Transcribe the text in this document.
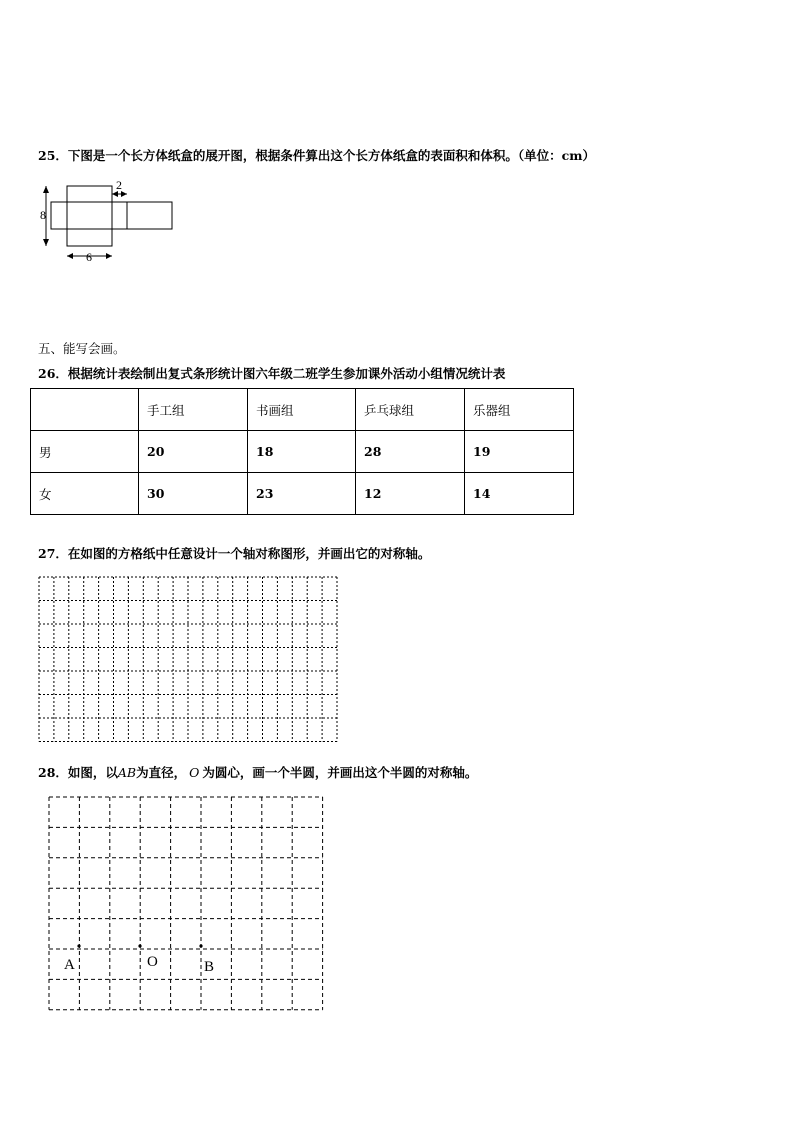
25．下图是一个长方体纸盒的展开图，根据条件算出这个长方体纸盒的表面积和体积。（单位：cm）
8
2
6
五、能写会画。
26．根据统计表绘制出复式条形统计图六年级二班学生参加课外活动小组情况统计表
	手工组	书画组	乒乓球组	乐器组
男	20	18	28	19
女	30	23	12	14
27．在如图的方格纸中任意设计一个轴对称图形，并画出它的对称轴。
28．如图，以AB为直径， O 为圆心，画一个半圆，并画出这个半圆的对称轴。
A	O	B
